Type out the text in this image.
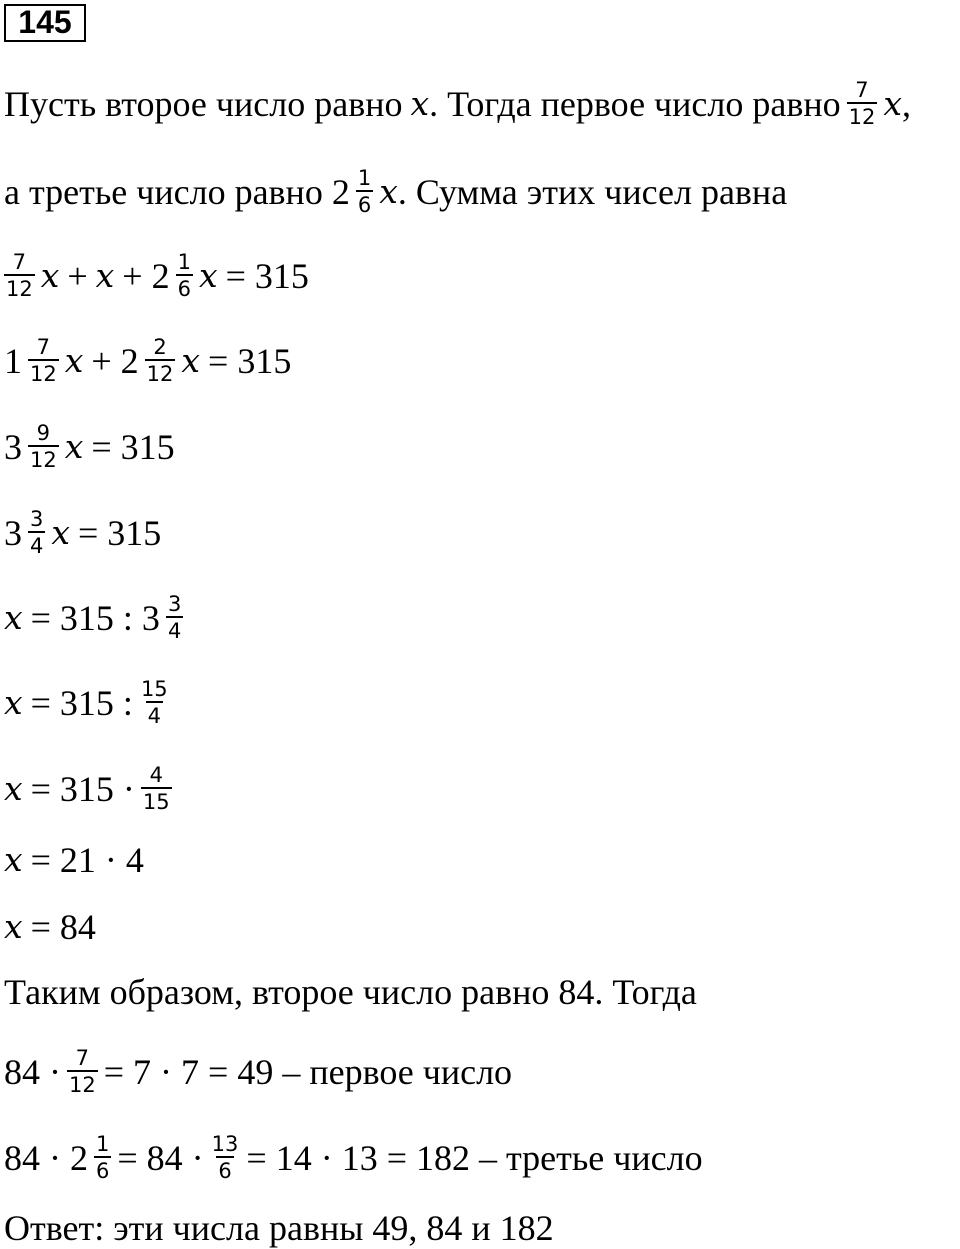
145
Пусть второе число равно x . Тогда первое число равно $\frac{7}{12}$ x ,
а третье число равно $2 \frac{1}{6}$ x . Сумма этих чисел равна
$\frac{7}{12}$ $x + x + 2 \frac{1}{6}$ x = 315
$1 \frac{7}{12}$ $x + 2 \frac{2}{12}$ x = 315
$3 \frac{9}{12}$ x = 315
$3 \frac{3}{4}$ x = 315
x = 315 : $3 \frac{3}{4}$
x = 315 : $\frac{15}{4}$
$x = 315 \cdot \frac{4}{15}$
x = 21 · 4
x = 84
Таким образом, второе число равно 84. Тогда
$84 \cdot \frac{7}{12} = 7 \cdot 7 = 49$ – первое число
$84 \cdot 2 \frac{1}{6} = 84 \cdot \frac{13}{6} = 14 \cdot 13 = 182$ – третье число
Ответ: эти числа равны 49, 84 и 182
